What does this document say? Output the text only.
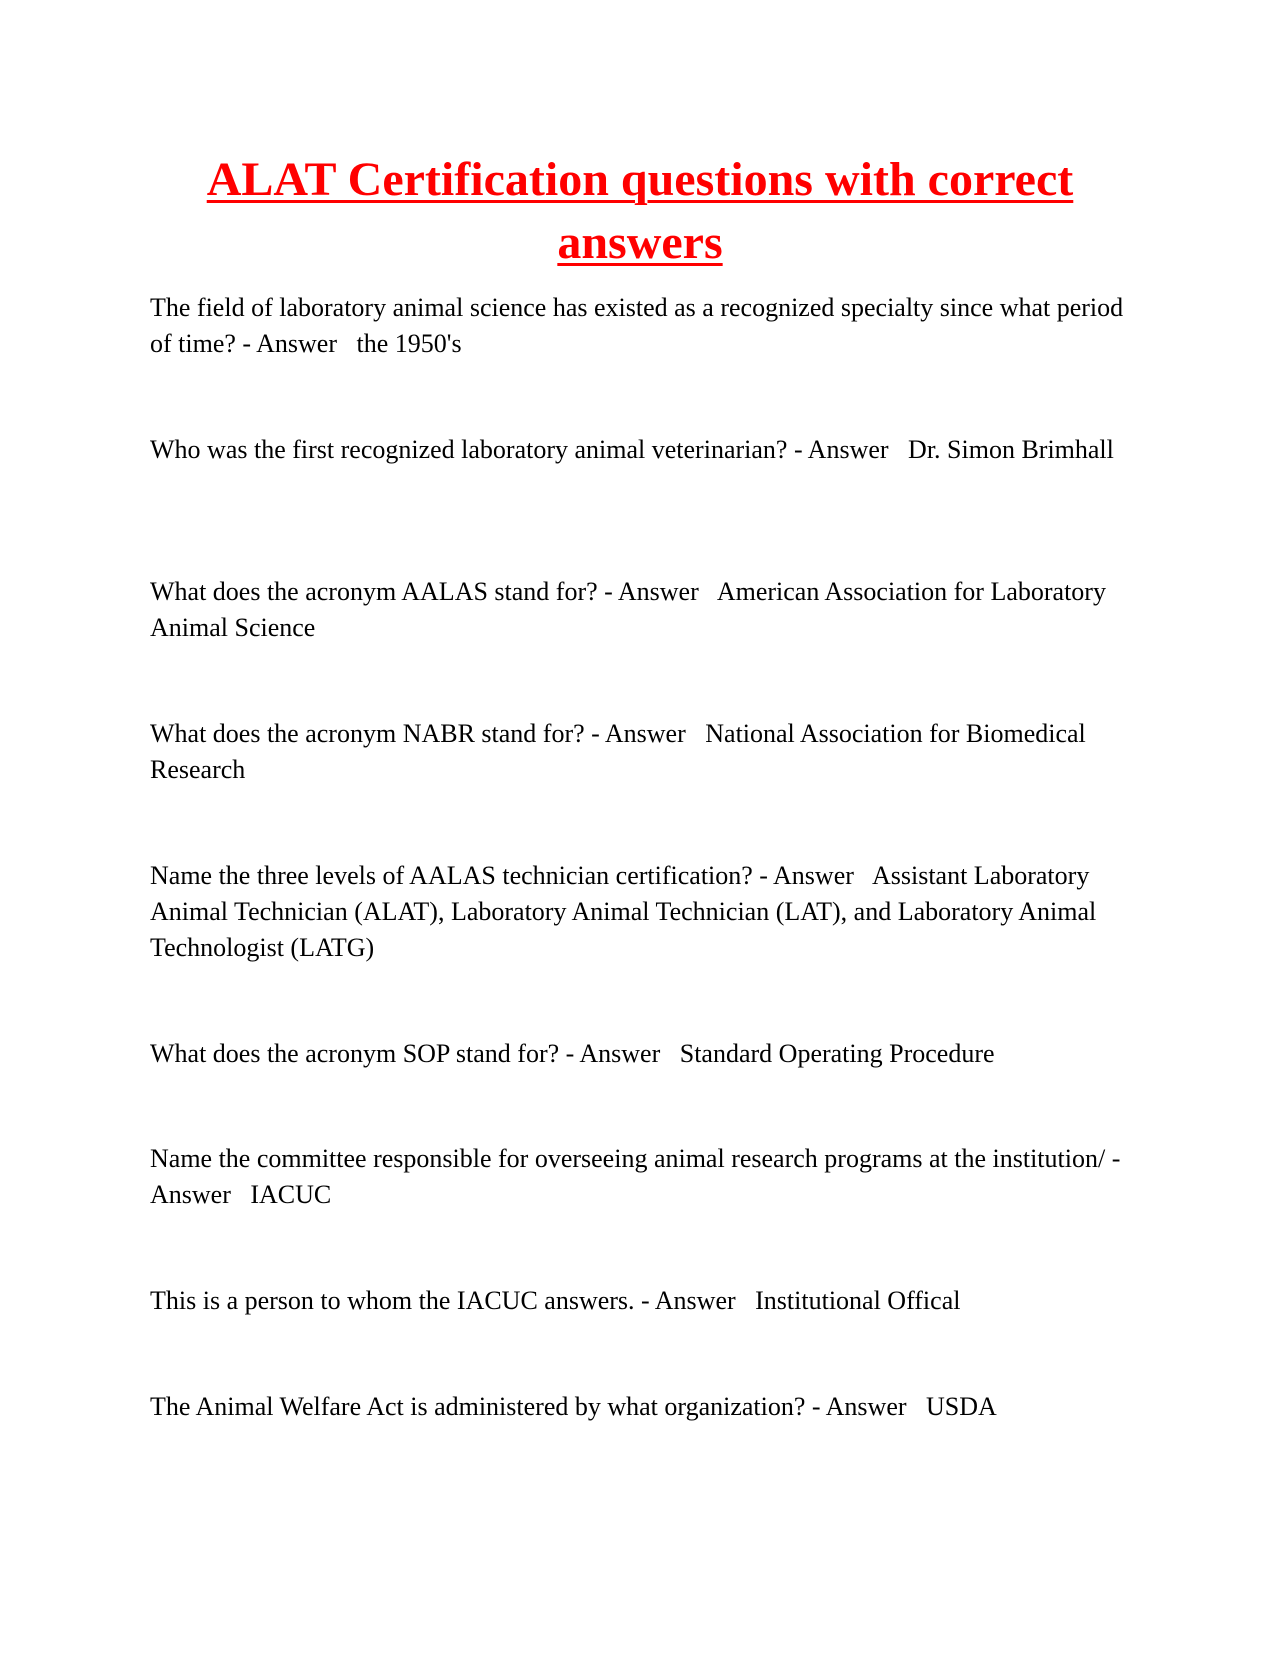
ALAT Certification questions with correct answers

The field of laboratory animal science has existed as a recognized specialty since what period of time? - Answer   the 1950's

Who was the first recognized laboratory animal veterinarian? - Answer   Dr. Simon Brimhall

What does the acronym AALAS stand for? - Answer   American Association for Laboratory Animal Science

What does the acronym NABR stand for? - Answer   National Association for Biomedical Research

Name the three levels of AALAS technician certification? - Answer   Assistant Laboratory Animal Technician (ALAT), Laboratory Animal Technician (LAT), and Laboratory Animal Technologist (LATG)

What does the acronym SOP stand for? - Answer   Standard Operating Procedure

Name the committee responsible for overseeing animal research programs at the institution/ - Answer   IACUC

This is a person to whom the IACUC answers. - Answer   Institutional Offical

The Animal Welfare Act is administered by what organization? - Answer   USDA
